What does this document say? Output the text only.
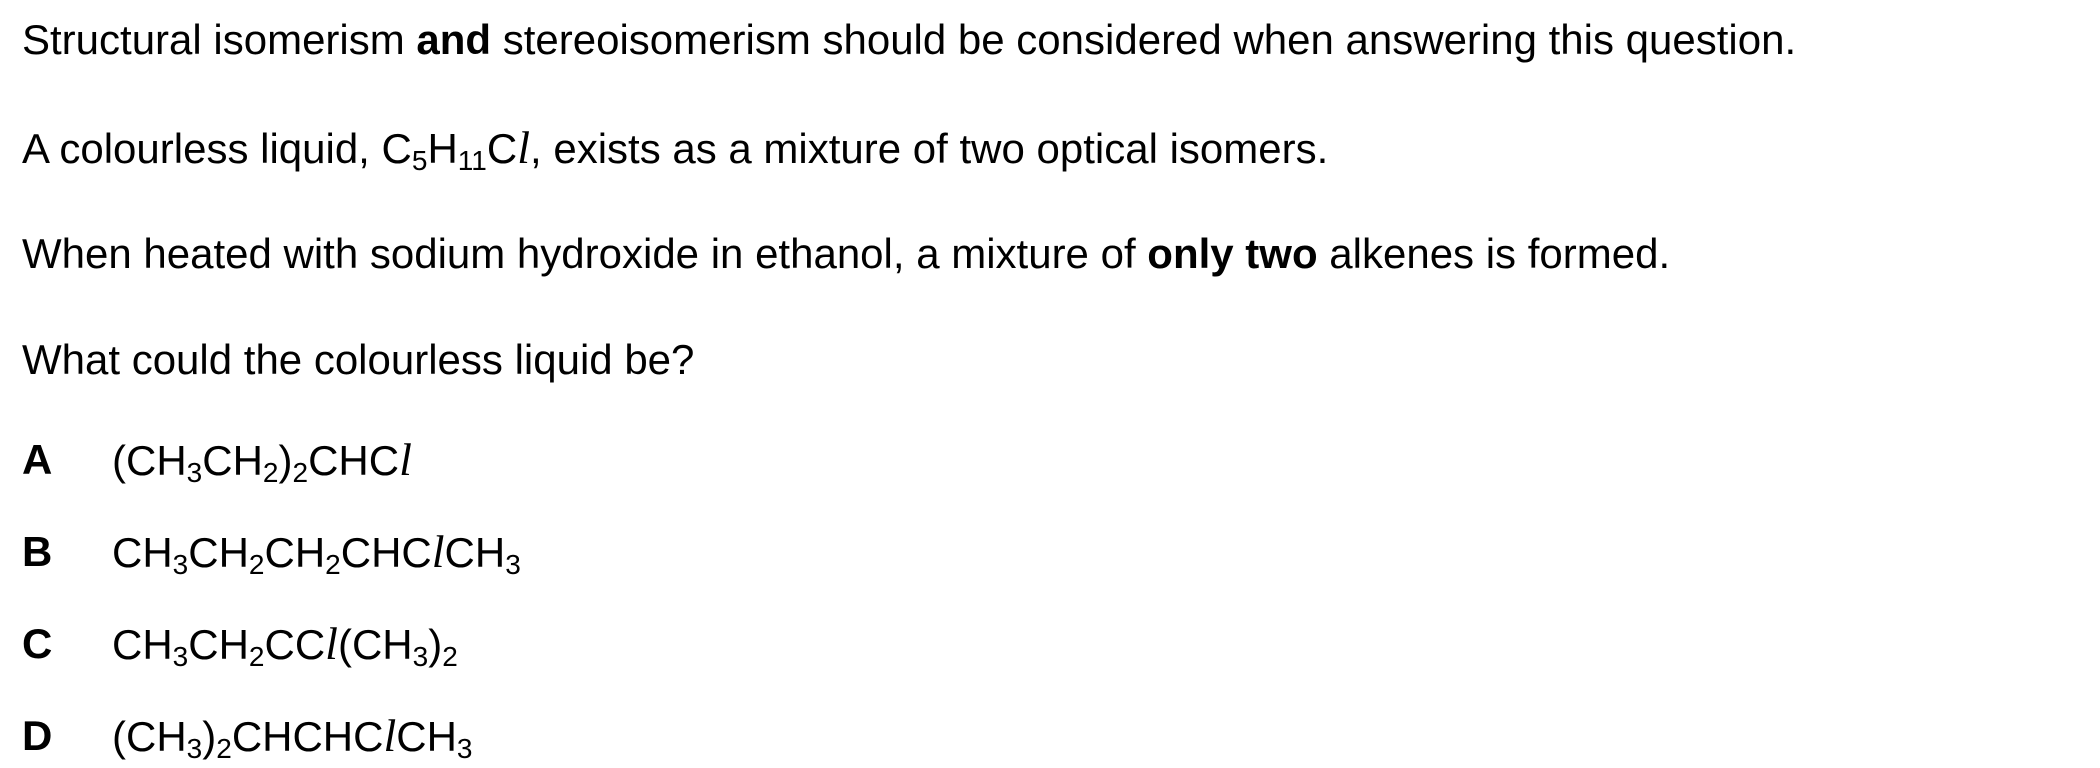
Structural isomerism and stereoisomerism should be considered when answering this question.
A colourless liquid, $C_5H_{11}Cl$, exists as a mixture of two optical isomers.
When heated with sodium hydroxide in ethanol, a mixture of only two alkenes is formed.
What could the colourless liquid be?
A $(CH_3CH_2)_2CHCl$
B $CH_3CH_2CH_2CHClCH_3$
C $CH_3CH_2CCl(CH_3)_2$
D $(CH_3)_2CHCHClCH_3$
